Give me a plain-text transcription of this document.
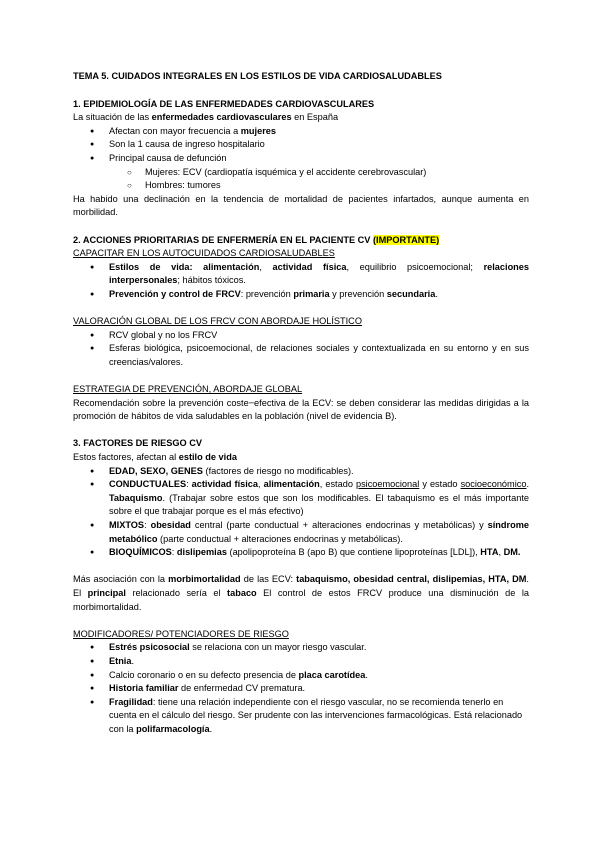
TEMA 5. CUIDADOS INTEGRALES EN LOS ESTILOS DE VIDA CARDIOSALUDABLES

1. EPIDEMIOLOGÍA DE LAS ENFERMEDADES CARDIOVASCULARES

La situación de las enfermedades cardiovasculares en España

● Afectan con mayor frecuencia a mujeres
● Son la 1 causa de ingreso hospitalario
● Principal causa de defunción
○ Mujeres: ECV (cardiopatía isquémica y el accidente cerebrovascular)
○ Hombres: tumores

Ha habido una declinación en la tendencia de mortalidad de pacientes infartados, aunque aumenta en morbilidad.

2. ACCIONES PRIORITARIAS DE ENFERMERÍA EN EL PACIENTE CV (IMPORTANTE)

CAPACITAR EN LOS AUTOCUIDADOS CARDIOSALUDABLES

● Estilos de vida: alimentación, actividad física, equilibrio psicoemocional; relaciones interpersonales; hábitos tóxicos.
● Prevención y control de FRCV: prevención primaria y prevención secundaria.

VALORACIÓN GLOBAL DE LOS FRCV CON ABORDAJE HOLÍSTICO

● RCV global y no los FRCV
● Esferas biológica, psicoemocional, de relaciones sociales y contextualizada en su entorno y en sus creencias/valores.

ESTRATEGIA DE PREVENCIÓN, ABORDAJE GLOBAL

Recomendación sobre la prevención coste−efectiva de la ECV: se deben considerar las medidas dirigidas a la promoción de hábitos de vida saludables en la población (nivel de evidencia B).

3. FACTORES DE RIESGO CV

Estos factores, afectan al estilo de vida

● EDAD, SEXO, GENES (factores de riesgo no modificables).
● CONDUCTUALES: actividad física, alimentación, estado psicoemocional y estado socioeconómico. Tabaquismo. (Trabajar sobre estos que son los modificables. El tabaquismo es el más importante sobre el que trabajar porque es el más efectivo)
● MIXTOS: obesidad central (parte conductual + alteraciones endocrinas y metabólicas) y síndrome metabólico (parte conductual + alteraciones endocrinas y metabólicas).
● BIOQUÍMICOS: dislipemias (apolipoproteína B (apo B) que contiene lipoproteínas [LDL]), HTA, DM.

Más asociación con la morbimortalidad de las ECV: tabaquismo, obesidad central, dislipemias, HTA, DM. El principal relacionado sería el tabaco El control de estos FRCV produce una disminución de la morbimortalidad.

MODIFICADORES/ POTENCIADORES DE RIESGO

● Estrés psicosocial se relaciona con un mayor riesgo vascular.
● Etnia.
● Calcio coronario o en su defecto presencia de placa carotídea.
● Historia familiar de enfermedad CV prematura.
● Fragilidad: tiene una relación independiente con el riesgo vascular, no se recomienda tenerlo en cuenta en el cálculo del riesgo. Ser prudente con las intervenciones farmacológicas. Está relacionado con la polifarmacología.
